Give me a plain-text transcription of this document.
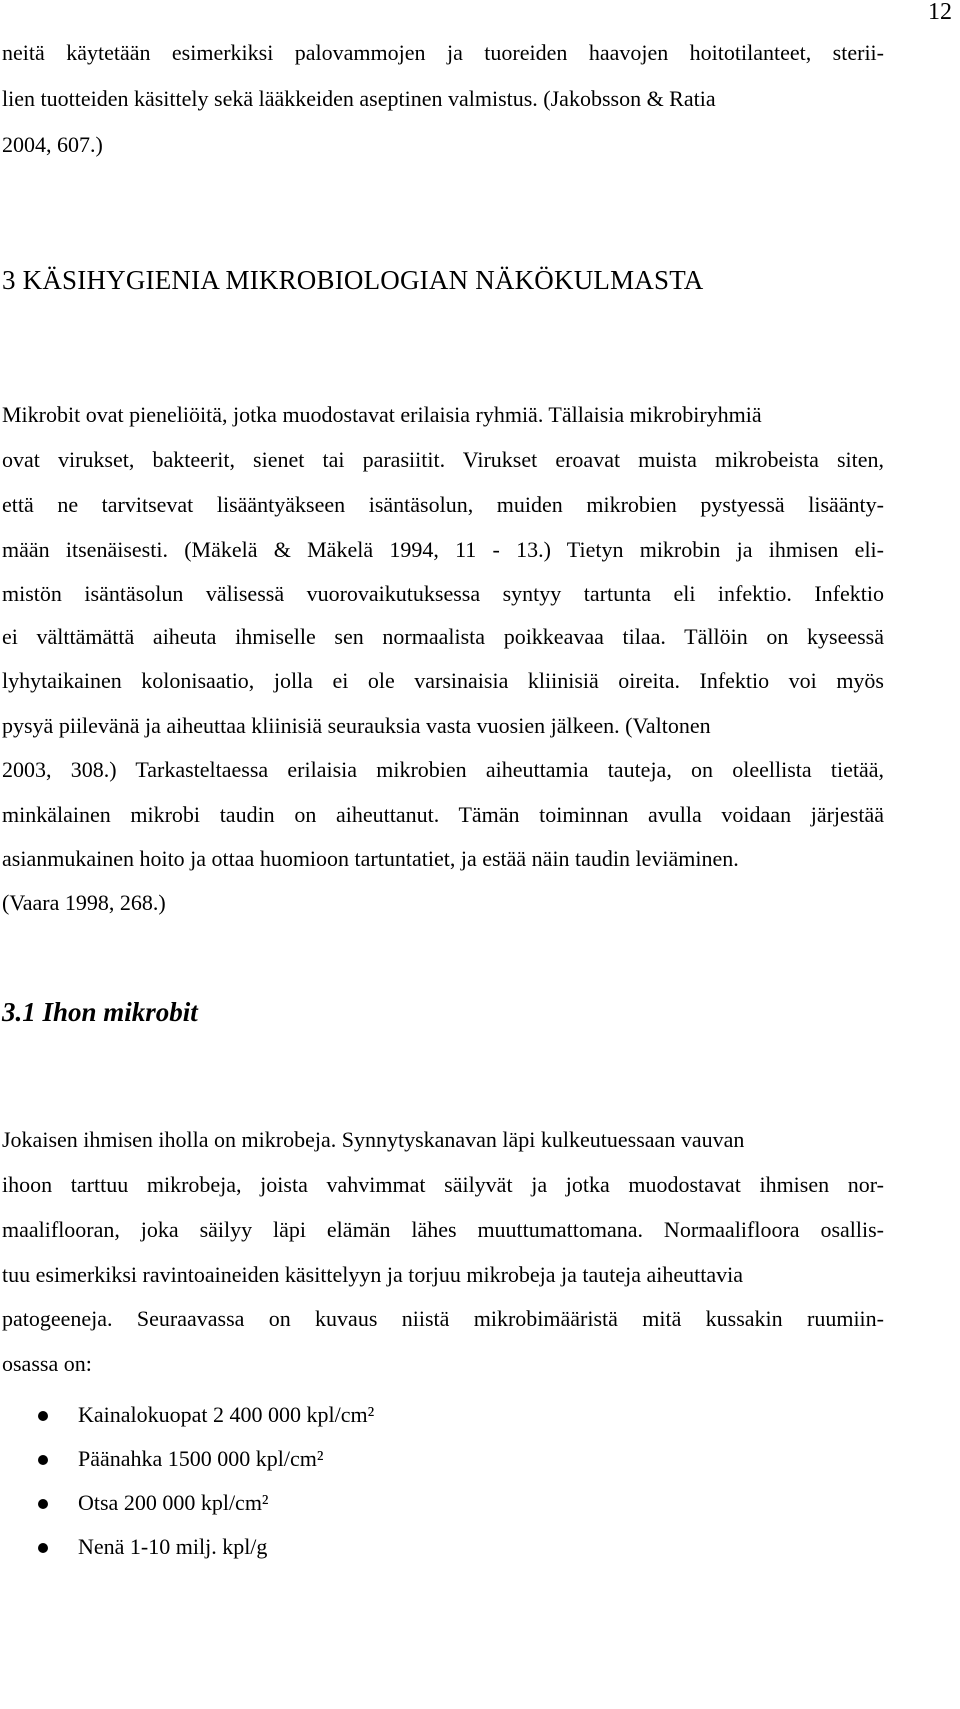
12
neitä käytetään esimerkiksi palovammojen ja tuoreiden haavojen hoitotilanteet, sterii-
lien tuotteiden käsittely sekä lääkkeiden aseptinen valmistus. (Jakobsson & Ratia
2004, 607.)
3 KÄSIHYGIENIA MIKROBIOLOGIAN NÄKÖKULMASTA
Mikrobit ovat pieneliöitä, jotka muodostavat erilaisia ryhmiä. Tällaisia mikrobiryhmiä
ovat virukset, bakteerit, sienet tai parasiitit. Virukset eroavat muista mikrobeista siten,
että ne tarvitsevat lisääntyäkseen isäntäsolun, muiden mikrobien pystyessä lisäänty-
mään itsenäisesti. (Mäkelä & Mäkelä 1994, 11 - 13.) Tietyn mikrobin ja ihmisen eli-
mistön isäntäsolun välisessä vuorovaikutuksessa syntyy tartunta eli infektio. Infektio
ei välttämättä aiheuta ihmiselle sen normaalista poikkeavaa tilaa. Tällöin on kyseessä
lyhytaikainen kolonisaatio, jolla ei ole varsinaisia kliinisiä oireita. Infektio voi myös
pysyä piilevänä ja aiheuttaa kliinisiä seurauksia vasta vuosien jälkeen. (Valtonen
2003, 308.) Tarkasteltaessa erilaisia mikrobien aiheuttamia tauteja, on oleellista tietää,
minkälainen mikrobi taudin on aiheuttanut. Tämän toiminnan avulla voidaan järjestää
asianmukainen hoito ja ottaa huomioon tartuntatiet, ja estää näin taudin leviäminen.
(Vaara 1998, 268.)
3.1 Ihon mikrobit
Jokaisen ihmisen iholla on mikrobeja. Synnytyskanavan läpi kulkeutuessaan vauvan
ihoon tarttuu mikrobeja, joista vahvimmat säilyvät ja jotka muodostavat ihmisen nor-
maaliflooran, joka säilyy läpi elämän lähes muuttumattomana. Normaalifloora osallis-
tuu esimerkiksi ravintoaineiden käsittelyyn ja torjuu mikrobeja ja tauteja aiheuttavia
patogeeneja. Seuraavassa on kuvaus niistä mikrobimääristä mitä kussakin ruumiin-
osassa on:
Kainalokuopat 2 400 000 kpl/cm²
Päänahka 1500 000 kpl/cm²
Otsa 200 000 kpl/cm²
Nenä 1-10 milj. kpl/g
